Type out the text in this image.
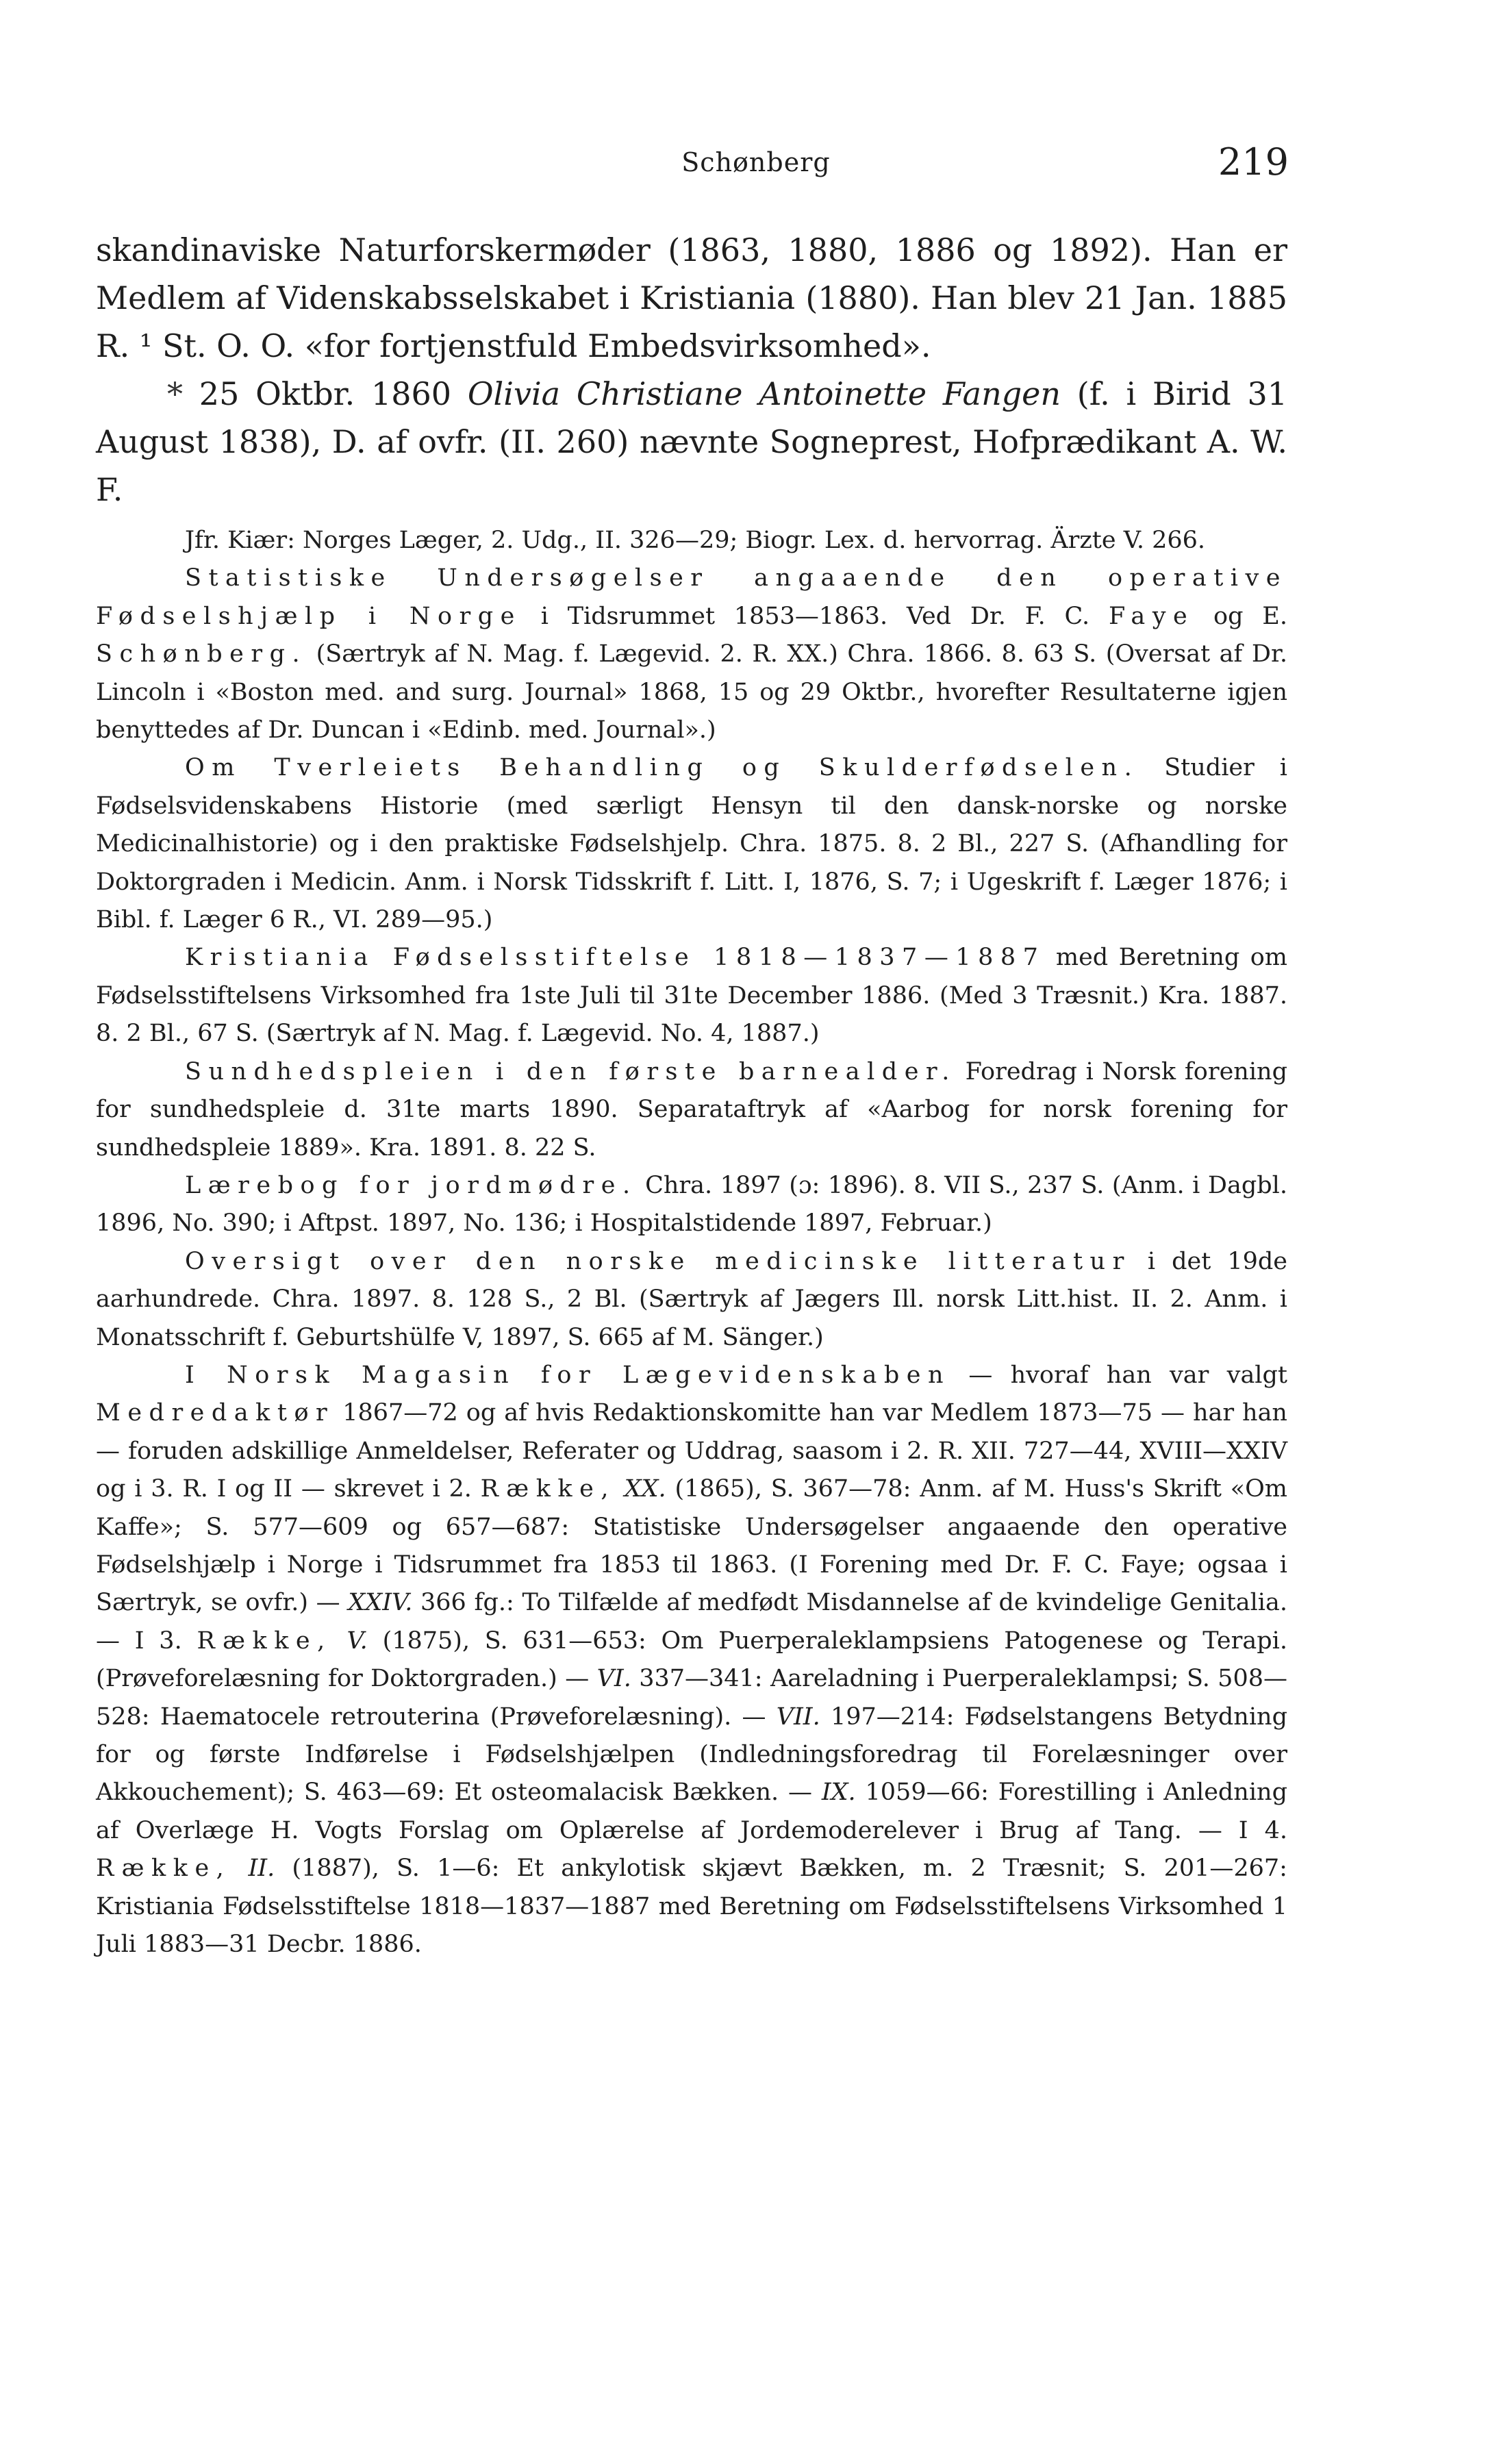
Schønberg	219

skandinaviske Naturforskermøder (1863, 1880, 1886 og 1892). Han er Medlem af Videnskabsselskabet i Kristiania (1880). Han blev 21 Jan. 1885 R. ¹ St. O. O. «for fortjenstfuld Embedsvirksomhed».

* 25 Oktbr. 1860 Olivia Christiane Antoinette Fangen (f. i Birid 31 August 1838), D. af ovfr. (II. 260) nævnte Sogneprest, Hofprædikant A. W. F.

Jfr. Kiær: Norges Læger, 2. Udg., II. 326—29; Biogr. Lex. d. hervorrag. Ärzte V. 266.

Statistiske Undersøgelser angaaende den operative Fødselshjælp i Norge i Tidsrummet 1853—1863. Ved Dr. F. C. Faye og E. Schønberg. (Særtryk af N. Mag. f. Lægevid. 2. R. XX.) Chra. 1866. 8. 63 S. (Oversat af Dr. Lincoln i «Boston med. and surg. Journal» 1868, 15 og 29 Oktbr., hvorefter Resultaterne igjen benyttedes af Dr. Duncan i «Edinb. med. Journal».)

Om Tverleiets Behandling og Skulderfødselen. Studier i Fødselsvidenskabens Historie (med særligt Hensyn til den dansk-norske og norske Medicinalhistorie) og i den praktiske Fødselshjelp. Chra. 1875. 8. 2 Bl., 227 S. (Afhandling for Doktorgraden i Medicin. Anm. i Norsk Tidsskrift f. Litt. I, 1876, S. 7; i Ugeskrift f. Læger 1876; i Bibl. f. Læger 6 R., VI. 289—95.)

Kristiania Fødselsstiftelse 1818—1837—1887 med Beretning om Fødselsstiftelsens Virksomhed fra 1ste Juli til 31te December 1886. (Med 3 Træsnit.) Kra. 1887. 8. 2 Bl., 67 S. (Særtryk af N. Mag. f. Lægevid. No. 4, 1887.)

Sundhedspleien i den første barnealder. Foredrag i Norsk forening for sundhedspleie d. 31te marts 1890. Separataftryk af «Aarbog for norsk forening for sundhedspleie 1889». Kra. 1891. 8. 22 S.

Lærebog for jordmødre. Chra. 1897 (ɔ: 1896). 8. VII S., 237 S. (Anm. i Dagbl. 1896, No. 390; i Aftpst. 1897, No. 136; i Hospitalstidende 1897, Februar.)

Oversigt over den norske medicinske litteratur i det 19de aarhundrede. Chra. 1897. 8. 128 S., 2 Bl. (Særtryk af Jægers Ill. norsk Litt.hist. II. 2. Anm. i Monatsschrift f. Geburtshülfe V, 1897, S. 665 af M. Sänger.)

I Norsk Magasin for Lægevidenskaben — hvoraf han var valgt Medredaktør 1867—72 og af hvis Redaktionskomitte han var Medlem 1873—75 — har han — foruden adskillige Anmeldelser, Referater og Uddrag, saasom i 2. R. XII. 727—44, XVIII—XXIV og i 3. R. I og II — skrevet i 2. Række, XX. (1865), S. 367—78: Anm. af M. Huss's Skrift «Om Kaffe»; S. 577—609 og 657—687: Statistiske Undersøgelser angaaende den operative Fødselshjælp i Norge i Tidsrummet fra 1853 til 1863. (I Forening med Dr. F. C. Faye; ogsaa i Særtryk, se ovfr.) — XXIV. 366 fg.: To Tilfælde af medfødt Misdannelse af de kvindelige Genitalia. — I 3. Række, V. (1875), S. 631—653: Om Puerperaleklampsiens Patogenese og Terapi. (Prøveforelæsning for Doktorgraden.) — VI. 337—341: Aareladning i Puerperaleklampsi; S. 508—528: Haematocele retrouterina (Prøveforelæsning). — VII. 197—214: Fødselstangens Betydning for og første Indførelse i Fødselshjælpen (Indledningsforedrag til Forelæsninger over Akkouchement); S. 463—69: Et osteomalacisk Bækken. — IX. 1059—66: Forestilling i Anledning af Overlæge H. Vogts Forslag om Oplærelse af Jordemoderelever i Brug af Tang. — I 4. Række, II. (1887), S. 1—6: Et ankylotisk skjævt Bækken, m. 2 Træsnit; S. 201—267: Kristiania Fødselsstiftelse 1818—1837—1887 med Beretning om Fødselsstiftelsens Virksomhed 1 Juli 1883—31 Decbr. 1886.
